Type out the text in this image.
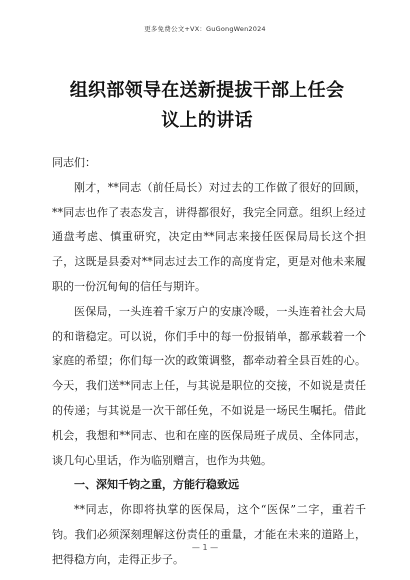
更多免费公文+VX：GuGongWen2024
组织部领导在送新提拔干部上任会议上的讲话

同志们：

刚才，**同志（前任局长）对过去的工作做了很好的回顾，**同志也作了表态发言，讲得都很好，我完全同意。组织上经过通盘考虑、慎重研究，决定由**同志来接任医保局局长这个担子，这既是县委对**同志过去工作的高度肯定，更是对他未来履职的一份沉甸甸的信任与期许。

医保局，一头连着千家万户的安康冷暖，一头连着社会大局的和谐稳定。可以说，你们手中的每一份报销单，都承载着一个家庭的希望；你们每一次的政策调整，都牵动着全县百姓的心。今天，我们送**同志上任，与其说是职位的交接，不如说是责任的传递；与其说是一次干部任免，不如说是一场民生嘱托。借此机会，我想和**同志、也和在座的医保局班子成员、全体同志，谈几句心里话，作为临别赠言，也作为共勉。

一、深知千钧之重，方能行稳致远

**同志，你即将执掌的医保局，这个“医保”二字，重若千钧。我们必须深刻理解这份责任的重量，才能在未来的道路上，把得稳方向，走得正步子。

— 1 —
